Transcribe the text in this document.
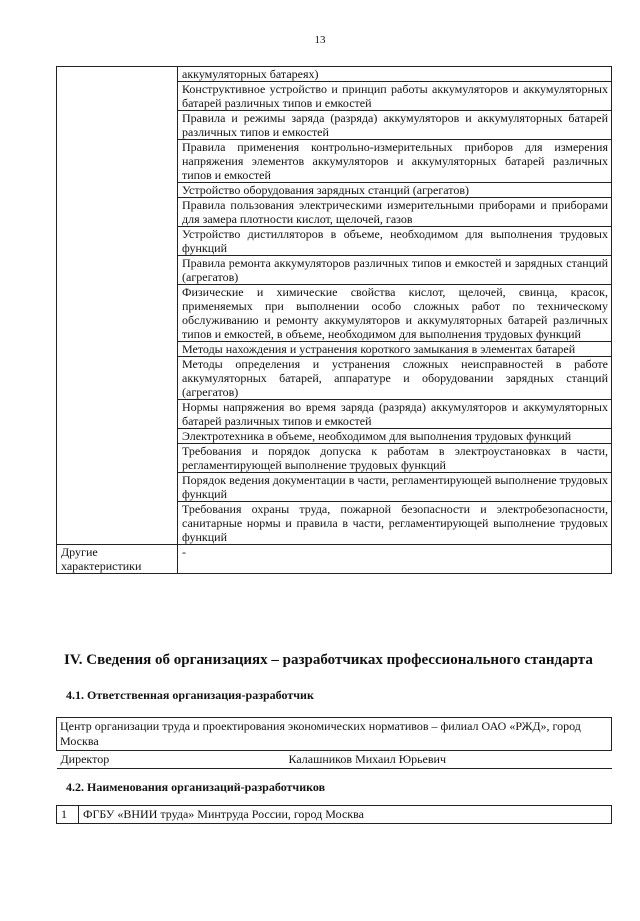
13
	аккумуляторных батареях)
	Конструктивное устройство и принцип работы аккумуляторов и аккумуляторных батарей различных типов и емкостей
	Правила и режимы заряда (разряда) аккумуляторов и аккумуляторных батарей различных типов и емкостей
	Правила применения контрольно-измерительных приборов для измерения напряжения элементов аккумуляторов и аккумуляторных батарей различных типов и емкостей
	Устройство оборудования зарядных станций (агрегатов)
	Правила пользования электрическими измерительными приборами и приборами для замера плотности кислот, щелочей, газов
	Устройство дистилляторов в объеме, необходимом для выполнения трудовых функций
	Правила ремонта аккумуляторов различных типов и емкостей и зарядных станций (агрегатов)
	Физические и химические свойства кислот, щелочей, свинца, красок, применяемых при выполнении особо сложных работ по техническому обслуживанию и ремонту аккумуляторов и аккумуляторных батарей различных типов и емкостей, в объеме, необходимом для выполнения трудовых функций
	Методы нахождения и устранения короткого замыкания в элементах батарей
	Методы определения и устранения сложных неисправностей в работе аккумуляторных батарей, аппаратуре и оборудовании зарядных станций (агрегатов)
	Нормы напряжения во время заряда (разряда) аккумуляторов и аккумуляторных батарей различных типов и емкостей
	Электротехника в объеме, необходимом для выполнения трудовых функций
	Требования и порядок допуска к работам в электроустановках в части, регламентирующей выполнение трудовых функций
	Порядок ведения документации в части, регламентирующей выполнение трудовых функций
	Требования охраны труда, пожарной безопасности и электробезопасности, санитарные нормы и правила в части, регламентирующей выполнение трудовых функций
Другие характеристики	-
IV. Сведения об организациях – разработчиках профессионального стандарта
4.1. Ответственная организация-разработчик
Центр организации труда и проектирования экономических нормативов – филиал ОАО «РЖД», город Москва

Директор	Калашников Михаил Юрьевич
4.2. Наименования организаций-разработчиков
1	ФГБУ «ВНИИ труда» Минтруда России, город Москва
